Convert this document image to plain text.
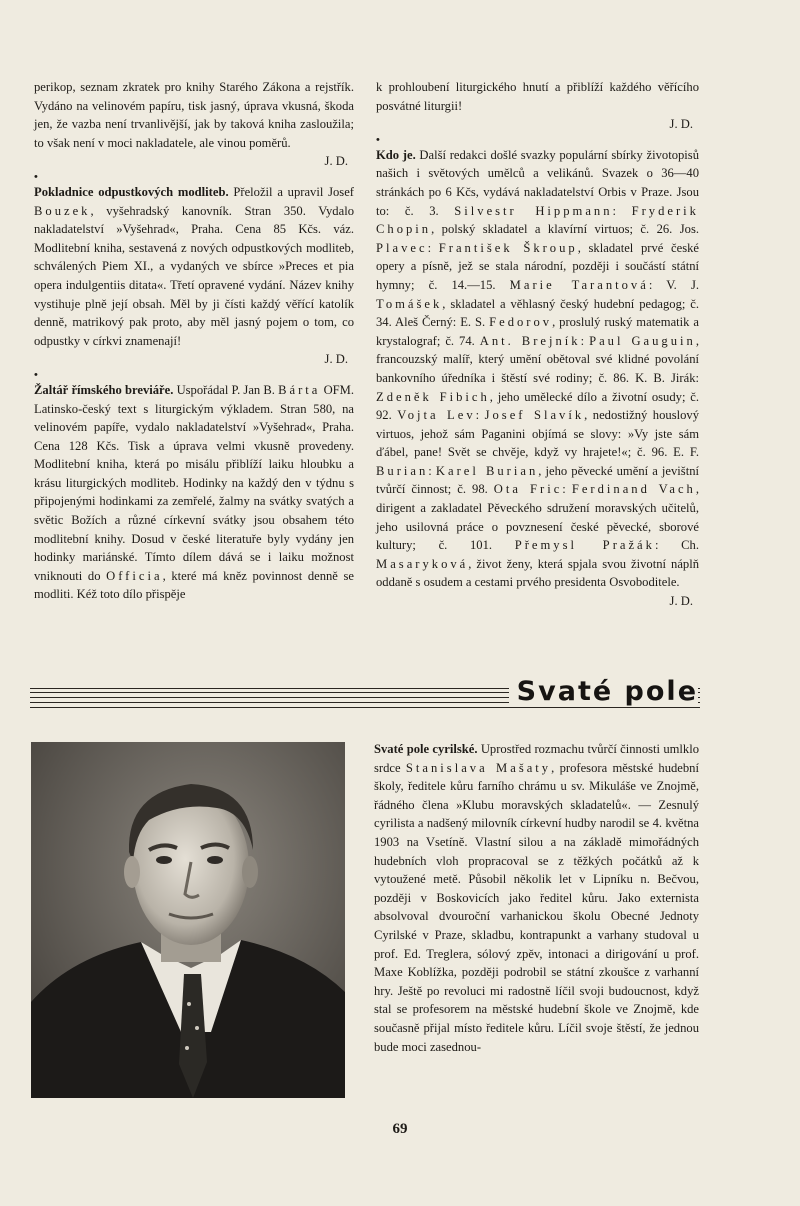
perikop, seznam zkratek pro knihy Starého Zákona a rejstřík. Vydáno na velinovém papíru, tisk jasný, úprava vkusná, škoda jen, že vazba není trvanlivější, jak by taková kniha zasloužila; to však není v moci nakladatele, ale vinou poměrů.

J. D.
•

Pokladnice odpustkových modliteb. Přeložil a upravil Josef Bouzek, vyšehradský kanovník. Stran 350. Vydalo nakladatelství »Vyšehrad«, Praha. Cena 85 Kčs. váz. Modlitební kniha, sestavená z nových odpustkových modliteb, schválených Piem XI., a vydaných ve sbírce »Preces et pia opera indulgentiis ditata«. Třetí opravené vydání. Název knihy vystihuje plně její obsah. Měl by ji čísti každý věřící katolík denně, matrikový pak proto, aby měl jasný pojem o tom, co odpustky v církvi znamenají!

J. D.
•

Žaltář římského breviáře. Uspořádal P. Jan B. Bárta OFM. Latinsko-český text s liturgickým výkladem. Stran 580, na velinovém papíře, vydalo nakladatelství »Vyšehrad«, Praha. Cena 128 Kčs. Tisk a úprava velmi vkusně provedeny. Modlitební kniha, která po misálu přiblíží laiku hloubku a krásu liturgických modliteb. Hodinky na každý den v týdnu s připojenými hodinkami za zemřelé, žalmy na svátky svatých a světic Božích a různé církevní svátky jsou obsahem této modlitební knihy. Dosud v české literatuře byly vydány jen hodinky mariánské. Tímto dílem dává se i laiku možnost vniknouti do Officia, které má kněz povinnost denně se modliti. Kéž toto dílo přispěje

k prohloubení liturgického hnutí a přiblíží každého věřícího posvátné liturgii!

J. D.
•

Kdo je. Další redakci došlé svazky populární sbírky životopisů našich i světových umělců a velikánů. Svazek o 36—40 stránkách po 6 Kčs, vydává nakladatelství Orbis v Praze. Jsou to: č. 3. Silvestr Hippmann: Fryderik Chopin, polský skladatel a klavírní virtuos; č. 26. Jos. Plavec: František Škroup, skladatel prvé české opery a písně, jež se stala národní, později i součástí státní hymny; č. 14.—15. Marie Tarantová: V. J. Tomášek, skladatel a věhlasný český hudební pedagog; č. 34. Aleš Černý: E. S. Fedorov, proslulý ruský matematik a krystalograf; č. 74. Ant. Brejník: Paul Gauguin, francouzský malíř, který umění obětoval své klidné povolání bankovního úředníka i štěstí své rodiny; č. 86. K. B. Jirák: Zdeněk Fibich, jeho umělecké dílo a životní osudy; č. 92. Vojta Lev: Josef Slavík, nedostižný houslový virtuos, jehož sám Paganini objímá se slovy: »Vy jste sám ďábel, pane! Svět se chvěje, když vy hrajete!«; č. 96. E. F. Burian: Karel Burian, jeho pěvecké umění a jevištní tvůrčí činnost; č. 98. Ota Fric: Ferdinand Vach, dirigent a zakladatel Pěveckého sdružení moravských učitelů, jeho usilovná práce o povznesení české pěvecké, sborové kultury; č. 101. Přemysl Pražák: Ch. Masaryková, život ženy, která spjala svou životní náplň oddaně s osudem a cestami prvého presidenta Osvoboditele.

J. D.
Svaté pole

Svaté pole cyrilské. Uprostřed rozmachu tvůrčí činnosti umlklo srdce Stanislava Mašaty, profesora městské hudební školy, ředitele kůru farního chrámu u sv. Mikuláše ve Znojmě, řádného člena »Klubu moravských skladatelů«. — Zesnulý cyrilista a nadšený milovník církevní hudby narodil se 4. května 1903 na Vsetíně. Vlastní silou a na základě mimořádných hudebních vloh propracoval se z těžkých počátků až k vytoužené metě. Působil několik let v Lipníku n. Bečvou, později v Boskovicích jako ředitel kůru. Jako externista absolvoval dvouroční varhanickou školu Obecné Jednoty Cyrilské v Praze, skladbu, kontrapunkt a varhany studoval u prof. Ed. Treglera, sólový zpěv, intonaci a dirigování u prof. Maxe Koblížka, později podrobil se státní zkoušce z varhanní hry. Ještě po revoluci mi radostně líčil svoji budoucnost, když stal se profesorem na městské hudební škole ve Znojmě, kde současně přijal místo ředitele kůru. Líčil svoje štěstí, že jednou bude moci zasednou-

69
